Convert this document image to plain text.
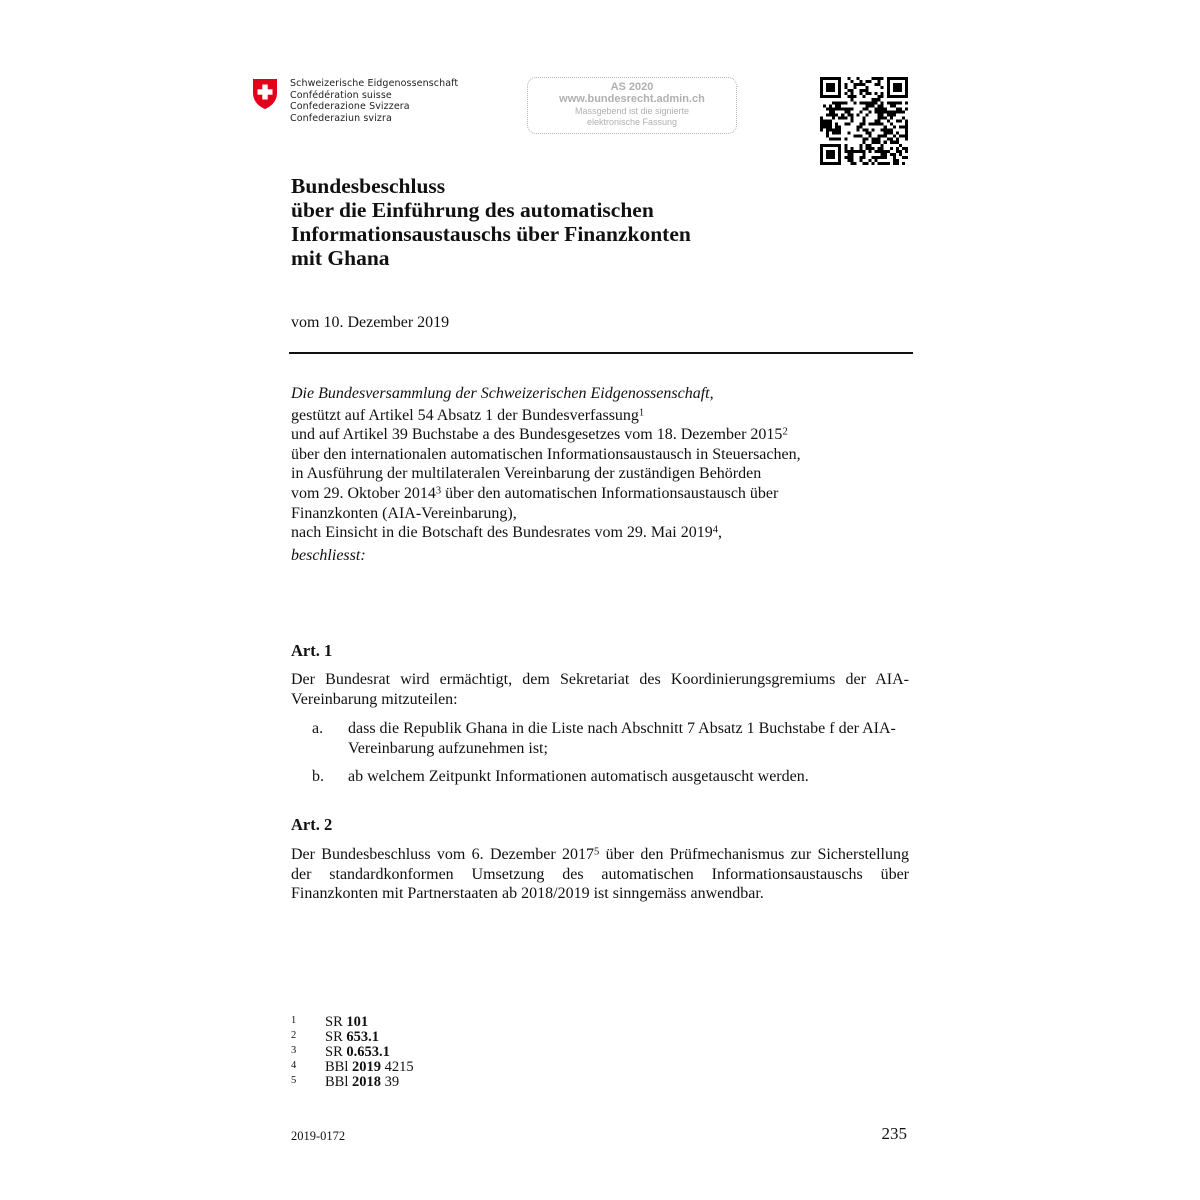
Schweizerische Eidgenossenschaft
Confédération suisse
Confederazione Svizzera
Confederaziun svizra
AS 2020
www.bundesrecht.admin.ch
Massgebend ist die signierte
elektronische Fassung
Bundesbeschluss
über die Einführung des automatischen
Informationsaustauschs über Finanzkonten
mit Ghana
vom 10. Dezember 2019
Die Bundesversammlung der Schweizerischen Eidgenossenschaft,
gestützt auf Artikel 54 Absatz 1 der Bundesverfassung$^1$
und auf Artikel 39 Buchstabe a des Bundesgesetzes vom 18. Dezember 2015$^2$
über den internationalen automatischen Informationsaustausch in Steuersachen,
in Ausführung der multilateralen Vereinbarung der zuständigen Behörden
vom 29. Oktober 2014$^3$ über den automatischen Informationsaustausch über
Finanzkonten (AIA-Vereinbarung),
nach Einsicht in die Botschaft des Bundesrates vom 29. Mai 2019$^4$,
beschliesst:
Art. 1
Der Bundesrat wird ermächtigt, dem Sekretariat des Koordinierungsgremiums der AIA-Vereinbarung mitzuteilen:
a. dass die Republik Ghana in die Liste nach Abschnitt 7 Absatz 1 Buchstabe f der AIA-Vereinbarung aufzunehmen ist;
b. ab welchem Zeitpunkt Informationen automatisch ausgetauscht werden.
Art. 2
Der Bundesbeschluss vom 6. Dezember 2017$^5$ über den Prüfmechanismus zur Sicherstellung der standardkonformen Umsetzung des automatischen Informationsaustauschs über Finanzkonten mit Partnerstaaten ab 2018/2019 ist sinngemäss anwendbar.
1 SR 101
2 SR 653.1
3 SR 0.653.1
4 BBl 2019 4215
5 BBl 2018 39
2019-0172	235
